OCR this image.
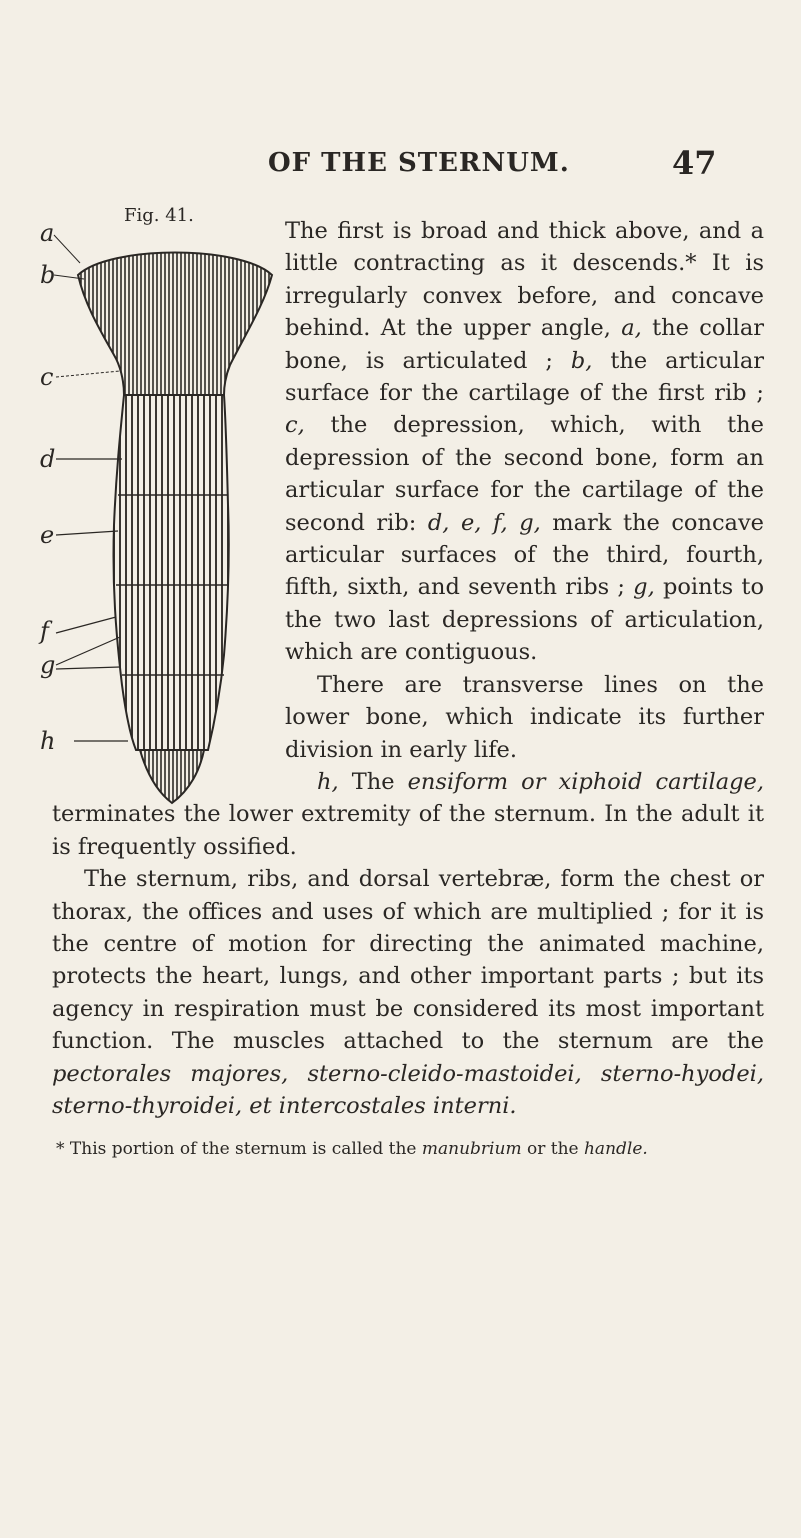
OF THE STERNUM.	47
Fig. 41.
a
b
c
d
e
f
g
h

The first is broad and thick above, and a little contracting as it descends.* It is irregularly convex before, and concave behind. At the upper angle, a, the collar bone, is articulated ; b, the articular surface for the cartilage of the first rib ; c, the depression, which, with the depression of the second bone, form an articular surface for the cartilage of the second rib: d, e, f, g, mark the concave articular surfaces of the third, fourth, fifth, sixth, and seventh ribs ; g, points to the two last depressions of articulation, which are contiguous.

There are transverse lines on the lower bone, which indicate its further division in early life.

h, The ensiform or xiphoid cartilage, terminates the lower extremity of the sternum. In the adult it is frequently ossified.

The sternum, ribs, and dorsal vertebræ, form the chest or thorax, the offices and uses of which are multiplied ; for it is the centre of motion for directing the animated machine, protects the heart, lungs, and other important parts ; but its agency in respiration must be considered its most important function. The muscles attached to the sternum are the pectorales majores, sterno-cleido-mastoidei, sterno-hyodei, sterno-thyroidei, et intercostales interni.

* This portion of the sternum is called the manubrium or the handle.
